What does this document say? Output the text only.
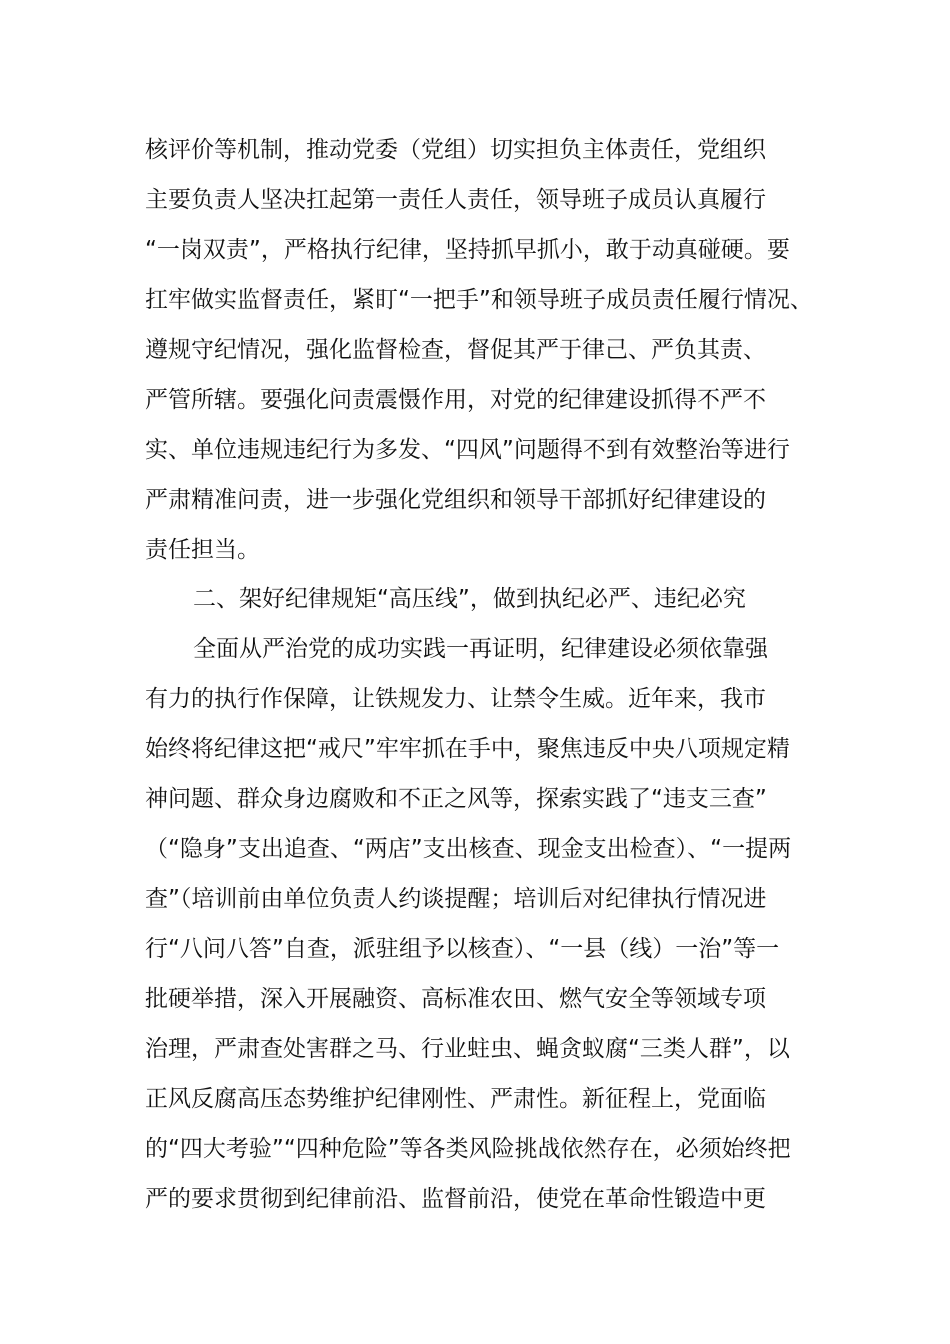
核评价等机制，推动党委（党组）切实担负主体责任，党组织
主要负责人坚决扛起第一责任人责任，领导班子成员认真履行
“一岗双责”，严格执行纪律，坚持抓早抓小，敢于动真碰硬。要
扛牢做实监督责任，紧盯“一把手”和领导班子成员责任履行情况、
遵规守纪情况，强化监督检查，督促其严于律己、严负其责、
严管所辖。要强化问责震慑作用，对党的纪律建设抓得不严不
实、单位违规违纪行为多发、“四风”问题得不到有效整治等进行
严肃精准问责，进一步强化党组织和领导干部抓好纪律建设的
责任担当。
二、架好纪律规矩“高压线”，做到执纪必严、违纪必究
全面从严治党的成功实践一再证明，纪律建设必须依靠强
有力的执行作保障，让铁规发力、让禁令生威。近年来，我市
始终将纪律这把“戒尺”牢牢抓在手中，聚焦违反中央八项规定精
神问题、群众身边腐败和不正之风等，探索实践了“违支三查”
（“隐身”支出追查、“两店”支出核查、现金支出检查）、“一提两
查”（培训前由单位负责人约谈提醒；培训后对纪律执行情况进
行“八问八答”自查，派驻组予以核查）、“一县（线）一治”等一
批硬举措，深入开展融资、高标准农田、燃气安全等领域专项
治理，严肃查处害群之马、行业蛀虫、蝇贪蚁腐“三类人群”，以
正风反腐高压态势维护纪律刚性、严肃性。新征程上，党面临
的“四大考验”“四种危险”等各类风险挑战依然存在，必须始终把
严的要求贯彻到纪律前沿、监督前沿，使党在革命性锻造中更
